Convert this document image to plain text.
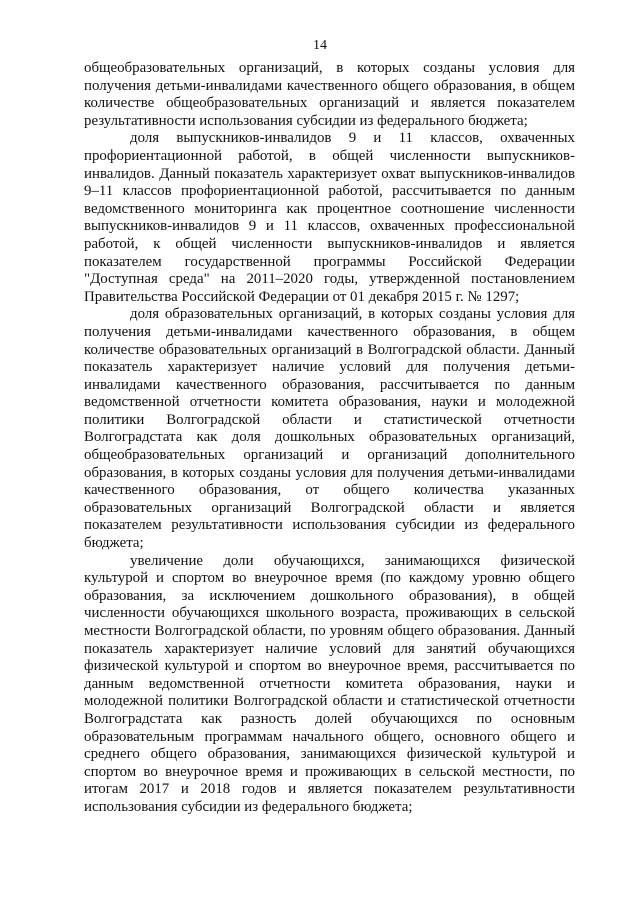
14

общеобразовательных организаций, в которых созданы условия для получения детьми-инвалидами качественного общего образования, в общем количестве общеобразовательных организаций и является показателем результативности использования субсидии из федерального бюджета;

доля выпускников-инвалидов 9 и 11 классов, охваченных профориентационной работой, в общей численности выпускников-инвалидов. Данный показатель характеризует охват выпускников-инвалидов 9–11 классов профориентационной работой, рассчитывается по данным ведомственного мониторинга как процентное соотношение численности выпускников-инвалидов 9 и 11 классов, охваченных профессиональной работой, к общей численности выпускников-инвалидов и является показателем государственной программы Российской Федерации "Доступная среда" на 2011–2020 годы, утвержденной постановлением Правительства Российской Федерации от 01 декабря 2015 г. № 1297;

доля образовательных организаций, в которых созданы условия для получения детьми-инвалидами качественного образования, в общем количестве образовательных организаций в Волгоградской области. Данный показатель характеризует наличие условий для получения детьми-инвалидами качественного образования, рассчитывается по данным ведомственной отчетности комитета образования, науки и молодежной политики Волгоградской области и статистической отчетности Волгоградстата как доля дошкольных образовательных организаций, общеобразовательных организаций и организаций дополнительного образования, в которых созданы условия для получения детьми-инвалидами качественного образования, от общего количества указанных образовательных организаций Волгоградской области и является показателем результативности использования субсидии из федерального бюджета;

увеличение доли обучающихся, занимающихся физической культурой и спортом во внеурочное время (по каждому уровню общего образования, за исключением дошкольного образования), в общей численности обучающихся школьного возраста, проживающих в сельской местности Волгоградской области, по уровням общего образования. Данный показатель характеризует наличие условий для занятий обучающихся физической культурой и спортом во внеурочное время, рассчитывается по данным ведомственной отчетности комитета образования, науки и молодежной политики Волгоградской области и статистической отчетности Волгоградстата как разность долей обучающихся по основным образовательным программам начального общего, основного общего и среднего общего образования, занимающихся физической культурой и спортом во внеурочное время и проживающих в сельской местности, по итогам 2017 и 2018 годов и является показателем результативности использования субсидии из федерального бюджета;
